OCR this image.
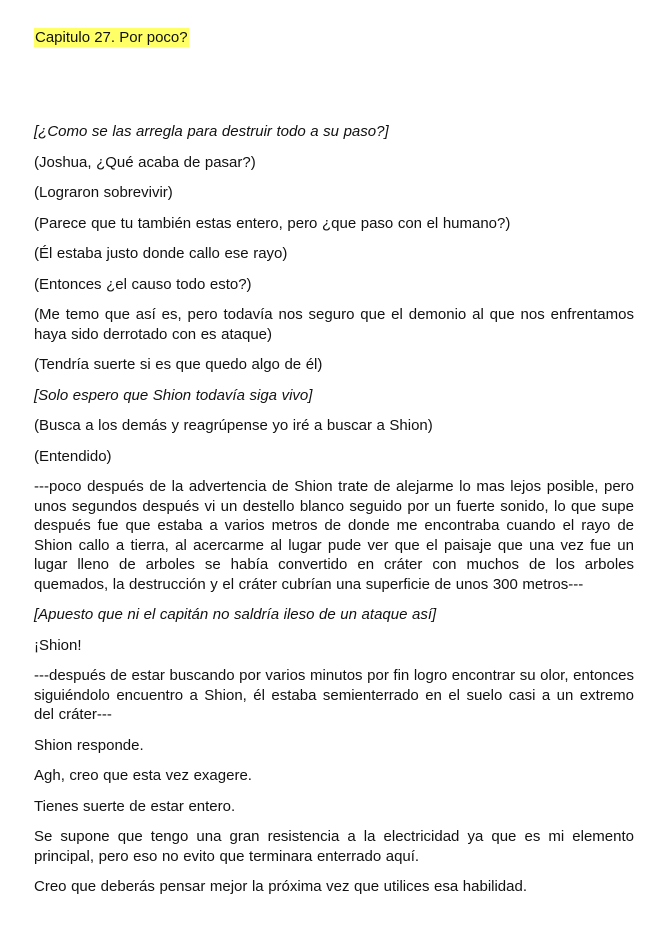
Capitulo 27. Por poco?

[¿Como se las arregla para destruir todo a su paso?]

(Joshua, ¿Qué acaba de pasar?)

(Lograron sobrevivir)

(Parece que tu también estas entero, pero ¿que paso con el humano?)

(Él estaba justo donde callo ese rayo)

(Entonces ¿el causo todo esto?)

(Me temo que así es, pero todavía nos seguro que el demonio al que nos enfrentamos haya sido derrotado con es ataque)

(Tendría suerte si es que quedo algo de él)

[Solo espero que Shion todavía siga vivo]

(Busca a los demás y reagrúpense yo iré a buscar a Shion)

(Entendido)

---poco después de la advertencia de Shion trate de alejarme lo mas lejos posible, pero unos segundos después vi un destello blanco seguido por un fuerte sonido, lo que supe después fue que estaba a varios metros de donde me encontraba cuando el rayo de Shion callo a tierra, al acercarme al lugar pude ver que el paisaje que una vez fue un lugar lleno de arboles se había convertido en cráter con muchos de los arboles quemados, la destrucción y el cráter cubrían una superficie de unos 300 metros---

[Apuesto que ni el capitán no saldría ileso de un ataque así]

¡Shion!

---después de estar buscando por varios minutos por fin logro encontrar su olor, entonces siguiéndolo encuentro a Shion, él estaba semienterrado en el suelo casi a un extremo del cráter---

Shion responde.

Agh, creo que esta vez exagere.

Tienes suerte de estar entero.

Se supone que tengo una gran resistencia a la electricidad ya que es mi elemento principal, pero eso no evito que terminara enterrado aquí.

Creo que deberás pensar mejor la próxima vez que utilices esa habilidad.
